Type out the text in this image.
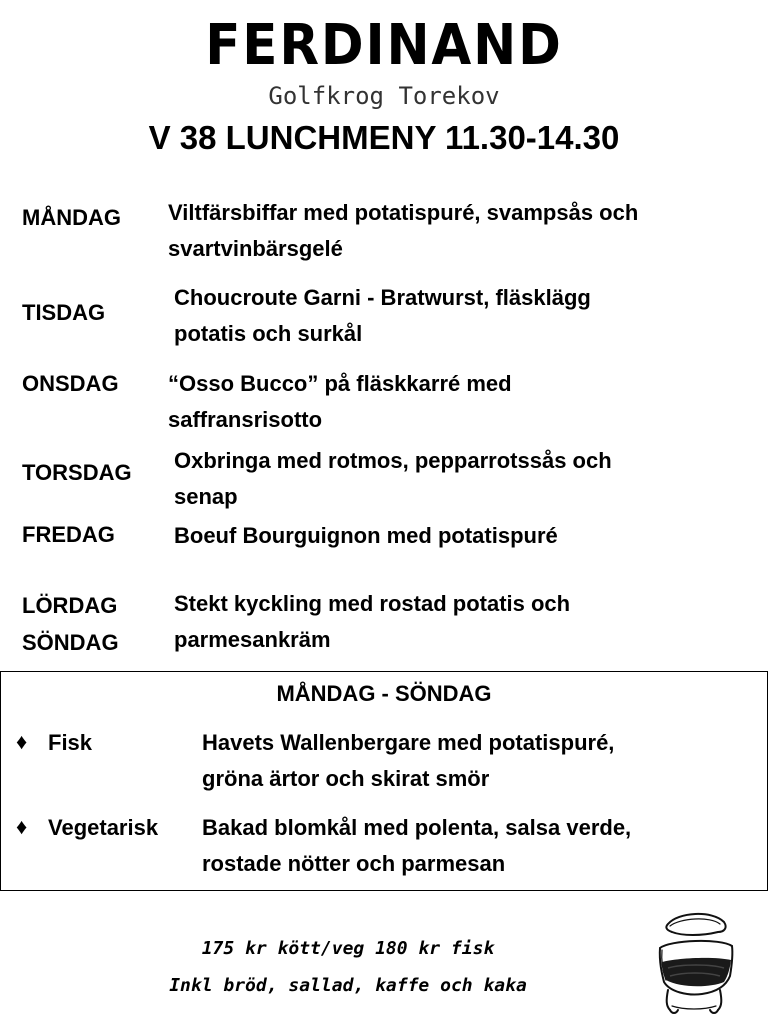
FERDINAND
Golfkrog Torekov
V 38 LUNCHMENY 11.30-14.30
MÅNDAG Viltfärsbiffar med potatispuré, svampsås och
svartvinbärsgelé
TISDAG
Choucroute Garni - Bratwurst, fläsklägg
potatis och surkål
ONSDAG “Osso Bucco” på fläskkarré med
saffransrisotto
TORSDAG Oxbringa med rotmos, pepparrotssås och
senap
FREDAG	Boeuf Bourguignon med potatispuré
LÖRDAG
SÖNDAG
Stekt kyckling med rostad potatis och
parmesankräm
MÅNDAG - SÖNDAG
♦ Fisk	Havets Wallenbergare med potatispuré,
gröna ärtor och skirat smör
♦ Vegetarisk Bakad blomkål med polenta, salsa verde,
rostade nötter och parmesan
175 kr kött/veg 180 kr fisk
Inkl bröd, sallad, kaffe och kaka
